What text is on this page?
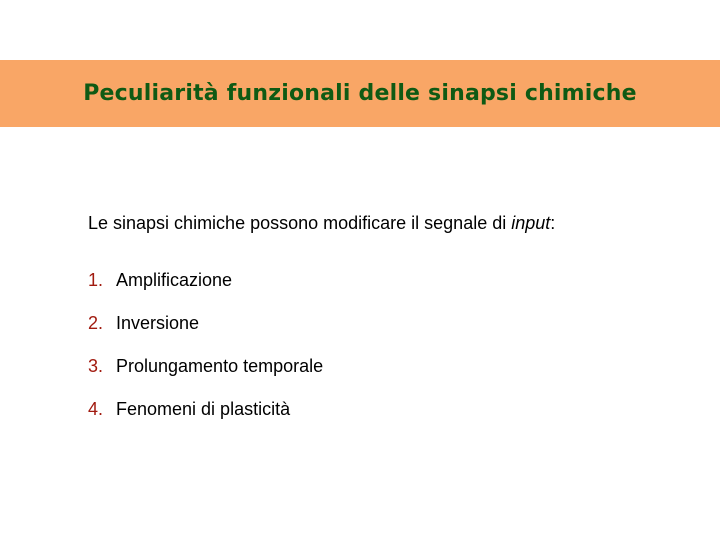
Peculiarità funzionali delle sinapsi chimiche
Le sinapsi chimiche possono modificare il segnale di input:
1. Amplificazione
2. Inversione
3. Prolungamento temporale
4. Fenomeni di plasticità
